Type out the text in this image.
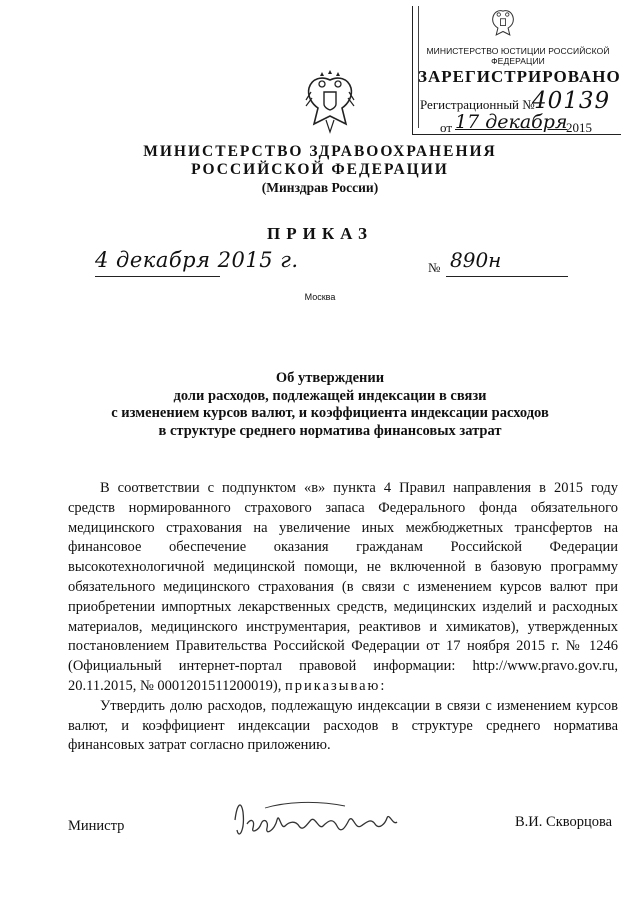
МИНИСТЕРСТВО ЮСТИЦИИ РОССИЙСКОЙ ФЕДЕРАЦИИ
ЗАРЕГИСТРИРОВАНО
Регистрационный №
40139
от 17 декабря
2015
МИНИСТЕРСТВО ЗДРАВООХРАНЕНИЯ
РОССИЙСКОЙ ФЕДЕРАЦИИ
(Минздрав России)
ПРИКАЗ
4 декабря 2015 г.	№ 890н
Москва
Об утверждении
доли расходов, подлежащей индексации в связи
с изменением курсов валют, и коэффициента индексации расходов
в структуре среднего норматива финансовых затрат

В соответствии с подпунктом «в» пункта 4 Правил направления в 2015 году средств нормированного страхового запаса Федерального фонда обязательного медицинского страхования на увеличение иных межбюджетных трансфертов на финансовое обеспечение оказания гражданам Российской Федерации высокотехнологичной медицинской помощи, не включенной в базовую программу обязательного медицинского страхования (в связи с изменением курсов валют при приобретении импортных лекарственных средств, медицинских изделий и расходных материалов, медицинского инструментария, реактивов и химикатов), утвержденных постановлением Правительства Российской Федерации от 17 ноября 2015 г. № 1246 (Официальный интернет-портал правовой информации: http://www.pravo.gov.ru, 20.11.2015, № 0001201511200019), приказываю:

Утвердить долю расходов, подлежащую индексации в связи с изменением курсов валют, и коэффициент индексации расходов в структуре среднего норматива финансовых затрат согласно приложению.

Министр	В.И. Скворцова
